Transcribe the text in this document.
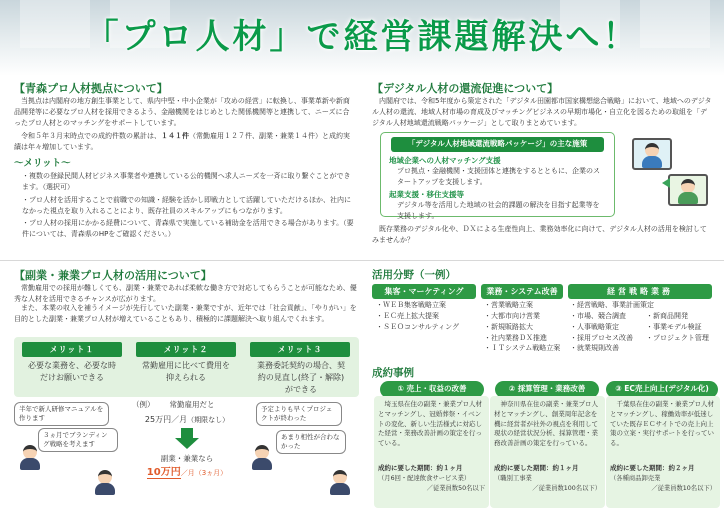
「プロ人材」で経営課題解決へ！
【青森プロ人材拠点について】
当拠点は内閣府の地方創生事業として、県内中堅・中小企業が「攻めの経営」に転換し、事業革新や新商品開発等に必要なプロ人材を採用できるよう、金融機関をはじめとした関係機関等と連携して、ニーズに合ったプロ人材とのマッチングをサポートしています。
令和５年３月末時点での成約件数の累計は、１４１件（常勤雇用１２７件、副業・兼業１４件）と成約実績は年々増加しています。
～メリット～
・ 複数の登録民間人材ビジネス事業者や連携している公的機関へ求人ニーズを一斉に取り繋ぐことができます。（選択可）
・ プロ人材を活用することで前職での知識・経験を活かし即戦力として活躍していただけるほか、社内になかった視点を取り入れることにより、既存社員のスキルアップにもつながります。
・ プロ人材の採用にかかる経費について、青森県で実施している補助金を活用できる場合があります。（要件については、青森県のHPをご確認ください。）
【デジタル人材の還流促進について】
内閣府では、令和5年度から策定された「デジタル田園都市国家構想総合戦略」において、地域へのデジタル人材の還流、地域人材市場の育成及びマッチングビジネスの早期市場化・自立化を図るための取組を「デジタル人材地域還流戦略パッケージ」として取りまとめています。
「デジタル人材地域還流戦略パッケージ」の主な施策
地域企業への人材マッチング支援
プロ拠点・金融機関・支援団体と連携をするとともに、企業のスタートアップを支援します。
起業支援・移住支援等
デジタル等を活用した地域の社会的課題の解決を目指す起業等を支援します。
既存業務のデジタル化や、ＤＸによる生産性向上、業務効率化に向けて、デジタル人材の活用を検討してみませんか？
【副業・兼業プロ人材の活用について】
常勤雇用での採用が難しくても、副業・兼業であれば柔軟な働き方で対応してもらうことが可能なため、優秀な人材を活用できるチャンスが広がります。
また、本業の収入を補うイメージが先行していた副業・兼業ですが、近年では「社会貢献」、「やりがい」を目的とした副業・兼業プロ人材が増えていることもあり、積極的に課題解決へ取り組んでくれます。
メリット１	メリット２	メリット３
必要な業務を、必要な時だけお願いできる
常勤雇用に比べて費用を抑えられる
業務委託契約の場合、契約の見直し(終了・解除)ができる
半年で新人研修マニュアルを作ります
３ヵ月でブランディング戦略を考えます
（例）	常勤雇用だと
25万円／月（期限なし）
副業・兼業なら
10万円／月（3ヵ月）
予定よりも早くプロジェクトが終わった
あまり相性が合わなかった
活用分野（一例）
集客・マーケティング	業務・システム改善	経営戦略業務
・ ＷＥＢ集客戦略立案
・ ＥＣ売上拡大提案
・ ＳＥＯコンサルティング
・ 営業戦略立案
・ 大都市向け営業
・ 新規販路拡大
・ 社内業務ＤＸ推進
・ ＩＴシステム戦略立案
・ 経営戦略、事業計画策定
・ 市場、競合調査
・ 人事戦略策定
・ 採用プロセス改善
・ 就業規則改善
・ 新商品開発
・ 事業モデル検証
・ プロジェクト管理
成約事例
① 売上・収益の改善
埼玉県在住の副業・兼業プロ人材とマッチングし、冠婚葬祭・イベントの変化、新しい生活様式に対応した経営・業務改善計画の策定を行っている。
成約に要した期間：約１ヶ月
（月6回・配達飲食サービス業）
／従業員数50名以下
② 採算管理・業務改善
神奈川県在住の副業・兼業プロ人材とマッチングし、創業周年記念を機に経営者が社外の視点を利用して現状の経営状況分析、採算管理・業務改善計画の策定を行っている。
成約に要した期間：約１ヶ月
（職別工事業
／従業員数100名以下）
③ EC売上向上(デジタル化)
千葉県在住の副業・兼業プロ人材とマッチングし、稼働効率が低迷していた既存ＥＣサイトでの売上向上策の立案・実行サポートを行っている。
成約に要した期間：約２ヶ月
（各種商品卸売業
／従業員数10名以下）
